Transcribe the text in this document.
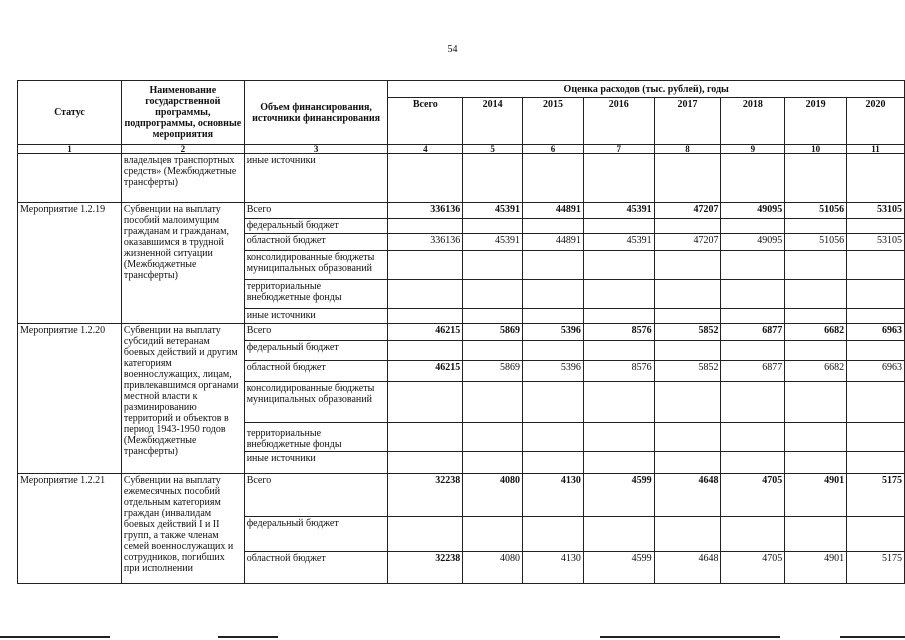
54
Статус	Наименование государственной программы, подпрограммы, основные мероприятия	Объем финансирования, источники финансирования	Оценка расходов (тыс. рублей), годы							
			Всего	2014	2015	2016	2017	2018	2019	2020
1	2	3	4	5	6	7	8	9	10	11
	владельцев транспортных средств» (Межбюджетные трансферты)	иные источники								
Мероприятие 1.2.19	Субвенции на выплату пособий малоимущим гражданам и гражданам, оказавшимся в трудной жизненной ситуации (Межбюджетные трансферты)	Всего	336136	45391	44891	45391	47207	49095	51056	53105
		федеральный бюджет								
		областной бюджет	336136	45391	44891	45391	47207	49095	51056	53105
		консолидированные бюджеты муниципальных образований								
		территориальные внебюджетные фонды								
		иные источники								
Мероприятие 1.2.20	Субвенции на выплату субсидий ветеранам боевых действий и другим категориям военнослужащих, лицам, привлекавшимся органами местной власти к разминированию территорий и объектов в период 1943-1950 годов (Межбюджетные трансферты)	Всего	46215	5869	5396	8576	5852	6877	6682	6963
		федеральный бюджет								
		областной бюджет	46215	5869	5396	8576	5852	6877	6682	6963
		консолидированные бюджеты муниципальных образований								
		территориальные внебюджетные фонды								
		иные источники								
Мероприятие 1.2.21	Субвенции на выплату ежемесячных пособий отдельным категориям граждан (инвалидам боевых действий I и II групп, а также членам семей военнослужащих и сотрудников, погибших при исполнении	Всего	32238	4080	4130	4599	4648	4705	4901	5175
		федеральный бюджет								
		областной бюджет	32238	4080	4130	4599	4648	4705	4901	5175
